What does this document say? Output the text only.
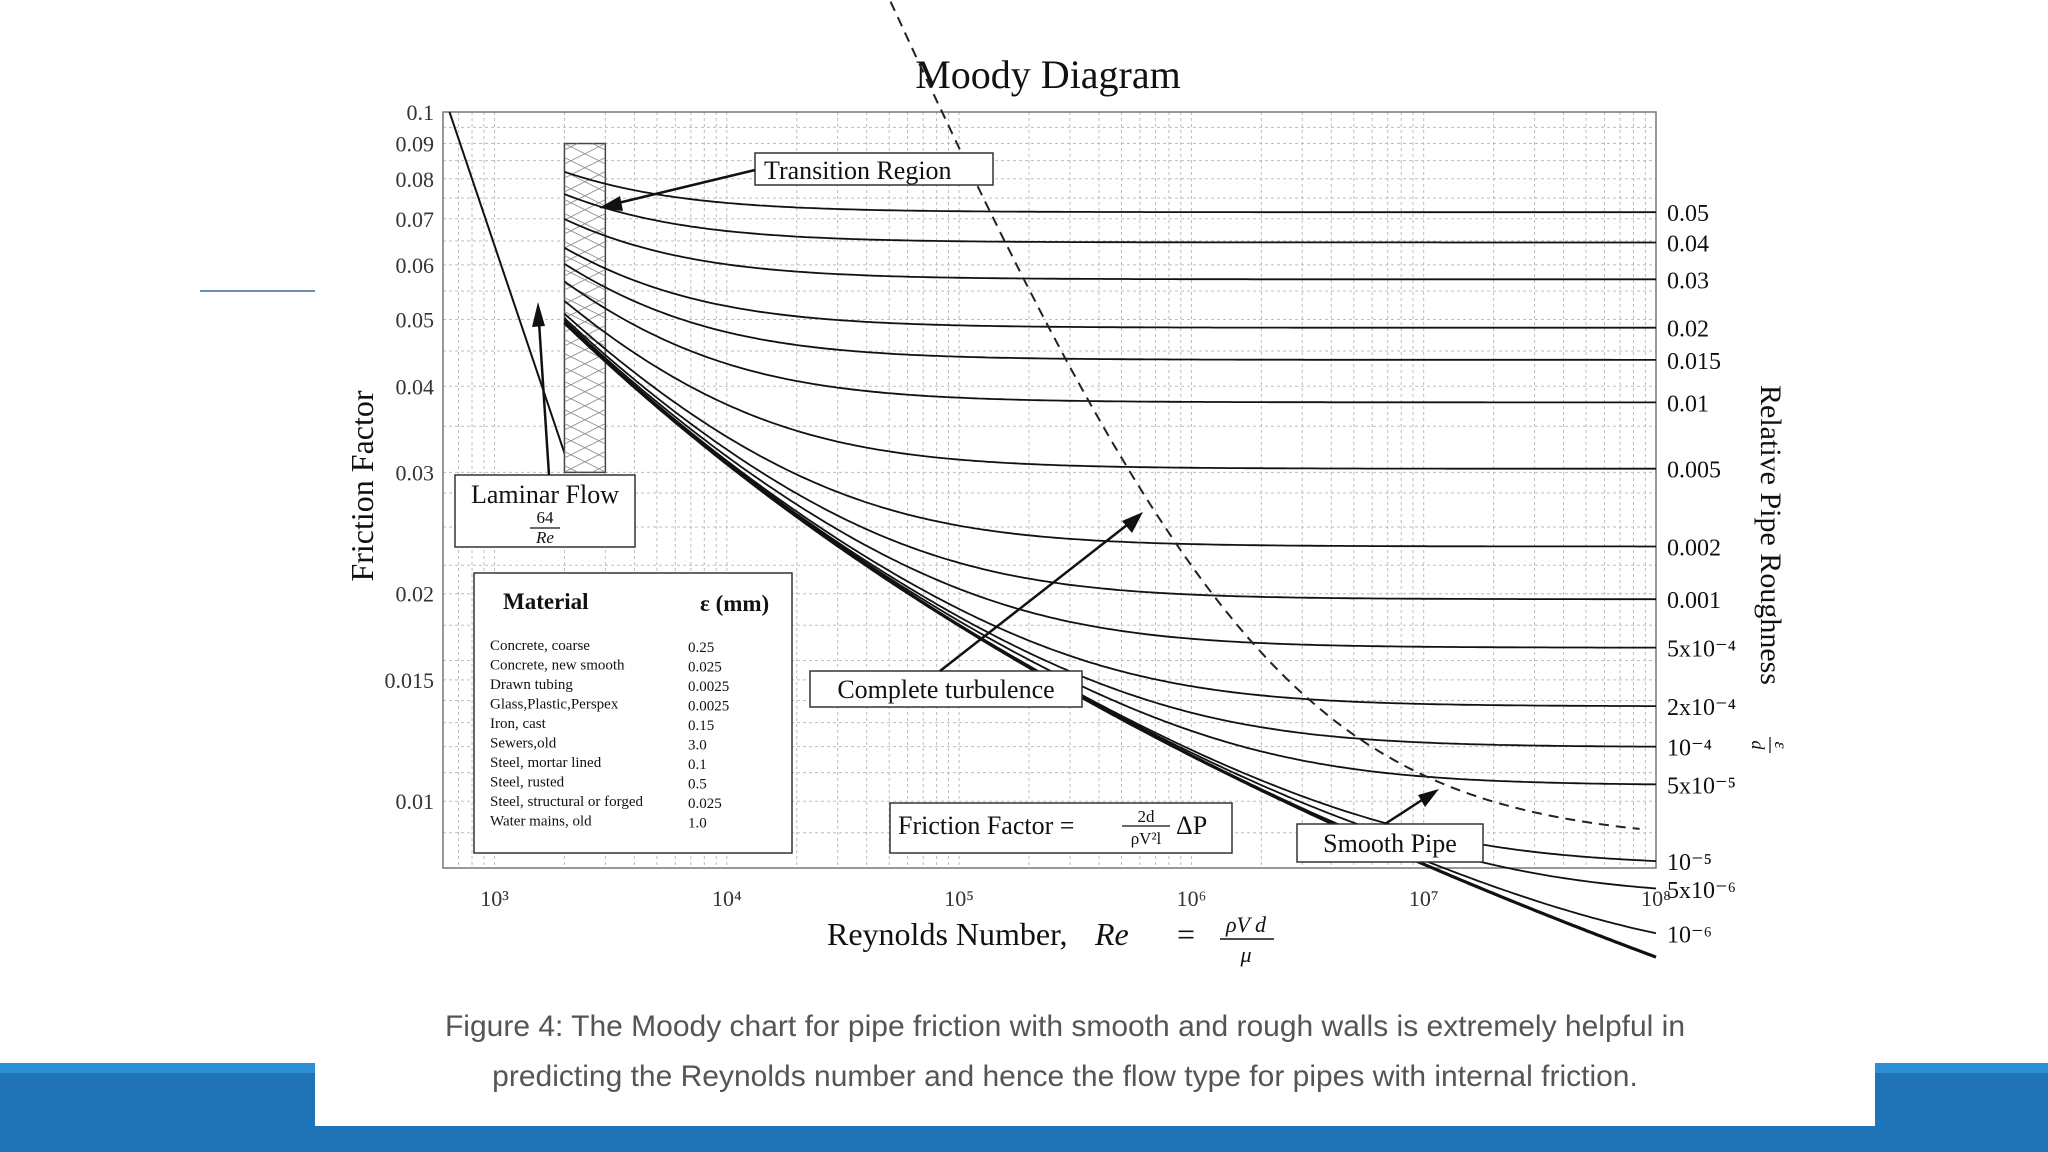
Moody Diagram
10³	10⁴	10⁵	10⁶	10⁷	10⁸
0.1
0.09
0.08
0.07
0.06
0.05
0.04
0.03
0.02
0.015
0.01
0.05
0.04
0.03
0.02
0.015
0.01
0.005
0.002
0.001
5x10⁻⁴
2x10⁻⁴
10⁻⁴
5x10⁻⁵
10⁻⁵
5x10⁻⁶
10⁻⁶
Transition Region
Laminar Flow
64
Re
Complete turbulence
Smooth Pipe
Friction Factor =	2d
ρV²l ΔP
Material	ε (mm)
Concrete, coarse	0.25
Concrete, new smooth	0.025
Drawn tubing	0.0025
Glass,Plastic,Perspex	0.0025
Iron, cast	0.15
Sewers,old	3.0
Steel, mortar lined	0.1
Steel, rusted	0.5
Steel, structural or forged	0.025
Water mains, old	1.0
Reynolds Number, Re = ρV d
μ
Friction Factor	Relative Pipe Roughness
ε
d
Figure 4: The Moody chart for pipe friction with smooth and rough walls is extremely helpful in
predicting the Reynolds number and hence the flow type for pipes with internal friction.
